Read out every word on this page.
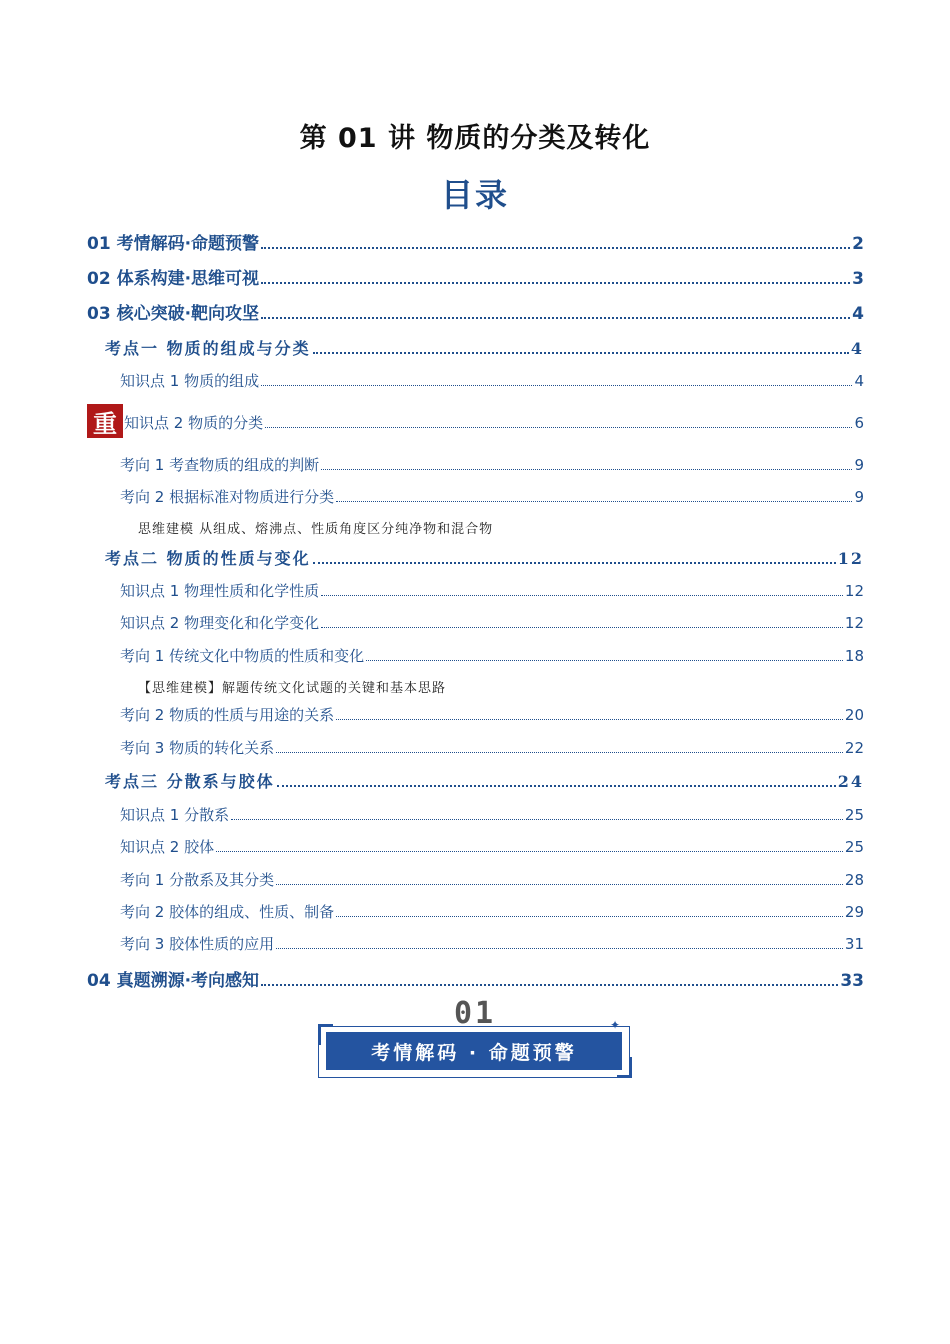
第 01 讲 物质的分类及转化
目录
01 考情解码·命题预警	2
02 体系构建·思维可视	3
03 核心突破·靶向攻坚	4
考点一 物质的组成与分类	4
知识点 1 物质的组成	4
重 知识点 2 物质的分类	6
考向 1 考查物质的组成的判断	9
考向 2 根据标准对物质进行分类	9
思维建模 从组成、熔沸点、性质角度区分纯净物和混合物
考点二 物质的性质与变化	12
知识点 1 物理性质和化学性质	12
知识点 2 物理变化和化学变化	12
考向 1 传统文化中物质的性质和变化	18
【思维建模】解题传统文化试题的关键和基本思路
考向 2 物质的性质与用途的关系	20
考向 3 物质的转化关系	22
考点三 分散系与胶体	24
知识点 1 分散系	25
知识点 2 胶体	25
考向 1 分散系及其分类	28
考向 2 胶体的组成、性质、制备	29
考向 3 胶体性质的应用	31
04 真题溯源·考向感知	33
01	✦
考情解码 · 命题预警
